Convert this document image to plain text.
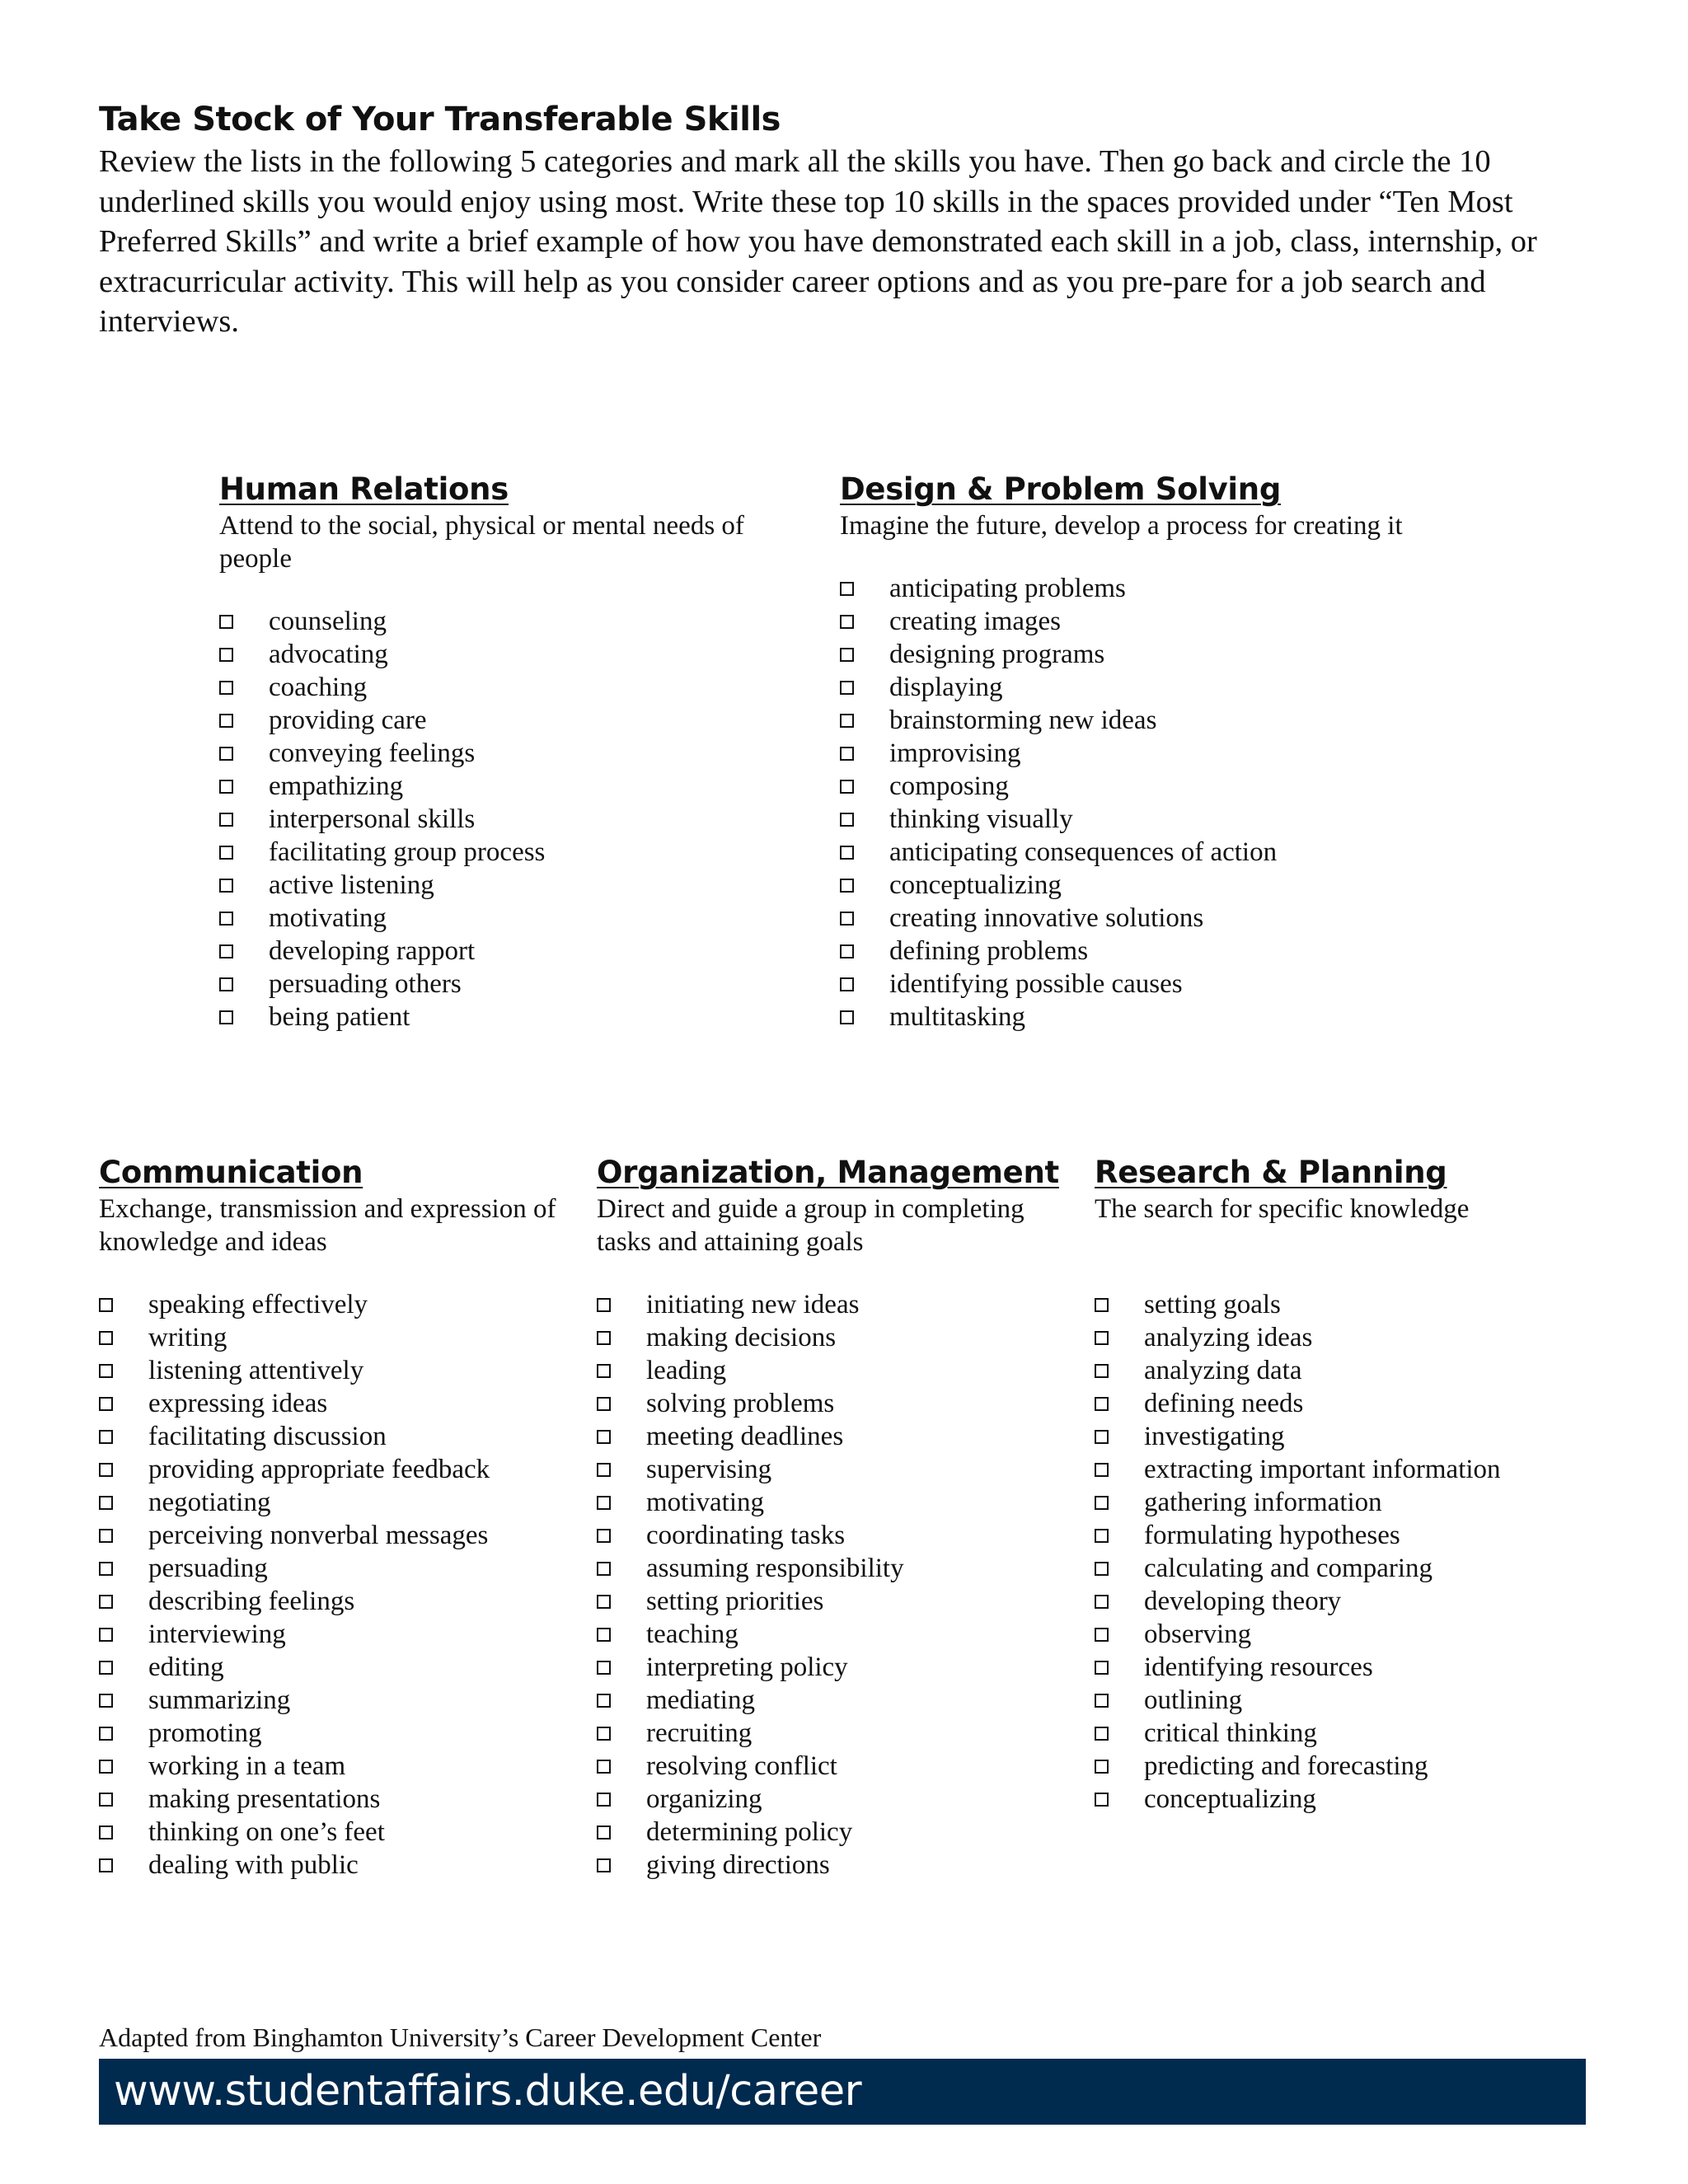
Take Stock of Your Transferable Skills

Review the lists in the following 5 categories and mark all the skills you have. Then go back and circle the 10 underlined skills you would enjoy using most. Write these top 10 skills in the spaces provided under “Ten Most Preferred Skills” and write a brief example of how you have demonstrated each skill in a job, class, internship, or extracurricular activity. This will help as you consider career options and as you pre-pare for a job search and interviews.

Human Relations
Attend to the social, physical or mental needs of people
counseling
advocating
coaching
providing care
conveying feelings
empathizing
interpersonal skills
facilitating group process
active listening
motivating
developing rapport
persuading others
being patient
Design & Problem Solving
Imagine the future, develop a process for creating it
anticipating problems
creating images
designing programs
displaying
brainstorming new ideas
improvising
composing
thinking visually
anticipating consequences of action
conceptualizing
creating innovative solutions
defining problems
identifying possible causes
multitasking
Communication
Exchange, transmission and expression of knowledge and ideas
speaking effectively
writing
listening attentively
expressing ideas
facilitating discussion
providing appropriate feedback
negotiating
perceiving nonverbal messages
persuading
describing feelings
interviewing
editing
summarizing
promoting
working in a team
making presentations
thinking on one’s feet
dealing with public
Organization, Management
Direct and guide a group in completing tasks and attaining goals
initiating new ideas
making decisions
leading
solving problems
meeting deadlines
supervising
motivating
coordinating tasks
assuming responsibility
setting priorities
teaching
interpreting policy
mediating
recruiting
resolving conflict
organizing
determining policy
giving directions
Research & Planning
The search for specific knowledge
setting goals
analyzing ideas
analyzing data
defining needs
investigating
extracting important information
gathering information
formulating hypotheses
calculating and comparing
developing theory
observing
identifying resources
outlining
critical thinking
predicting and forecasting
conceptualizing
Adapted from Binghamton University’s Career Development Center
www.studentaffairs.duke.edu/career
